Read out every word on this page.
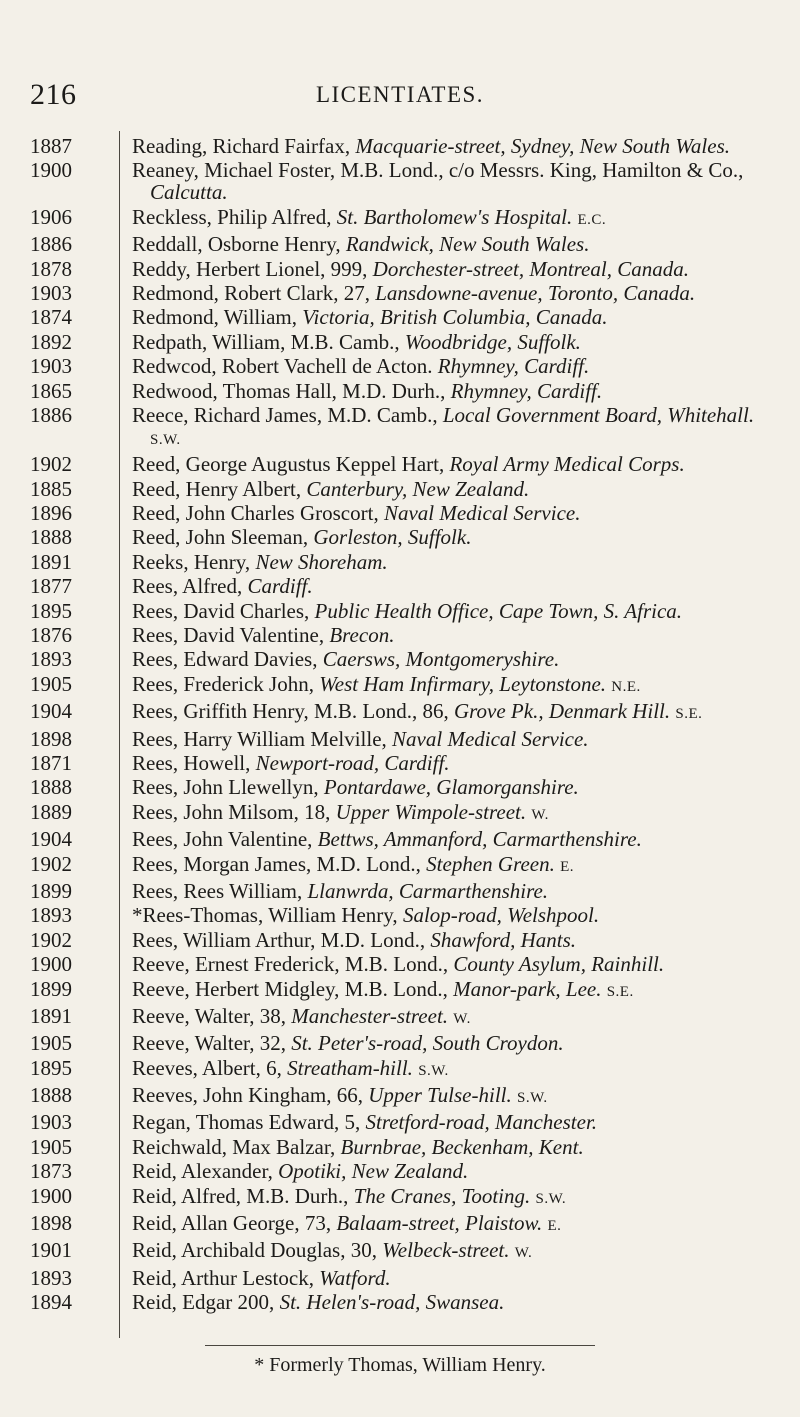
216	LICENTIATES.
1887	Reading, Richard Fairfax, Macquarie-street, Sydney, New South Wales.
1900	Reaney, Michael Foster, M.B. Lond., c/o Messrs. King, Hamilton & Co., Calcutta.
1906	Reckless, Philip Alfred, St. Bartholomew's Hospital. E.C.
1886	Reddall, Osborne Henry, Randwick, New South Wales.
1878	Reddy, Herbert Lionel, 999, Dorchester-street, Montreal, Canada.
1903	Redmond, Robert Clark, 27, Lansdowne-avenue, Toronto, Canada.
1874	Redmond, William, Victoria, British Columbia, Canada.
1892	Redpath, William, M.B. Camb., Woodbridge, Suffolk.
1903	Redwcod, Robert Vachell de Acton. Rhymney, Cardiff.
1865	Redwood, Thomas Hall, M.D. Durh., Rhymney, Cardiff.
1886	Reece, Richard James, M.D. Camb., Local Government Board, Whitehall. S.W.
1902	Reed, George Augustus Keppel Hart, Royal Army Medical Corps.
1885	Reed, Henry Albert, Canterbury, New Zealand.
1896	Reed, John Charles Groscort, Naval Medical Service.
1888	Reed, John Sleeman, Gorleston, Suffolk.
1891	Reeks, Henry, New Shoreham.
1877	Rees, Alfred, Cardiff.
1895	Rees, David Charles, Public Health Office, Cape Town, S. Africa.
1876	Rees, David Valentine, Brecon.
1893	Rees, Edward Davies, Caersws, Montgomeryshire.
1905	Rees, Frederick John, West Ham Infirmary, Leytonstone. N.E.
1904	Rees, Griffith Henry, M.B. Lond., 86, Grove Pk., Denmark Hill. S.E.
1898	Rees, Harry William Melville, Naval Medical Service.
1871	Rees, Howell, Newport-road, Cardiff.
1888	Rees, John Llewellyn, Pontardawe, Glamorganshire.
1889	Rees, John Milsom, 18, Upper Wimpole-street. W.
1904	Rees, John Valentine, Bettws, Ammanford, Carmarthenshire.
1902	Rees, Morgan James, M.D. Lond., Stephen Green. E.
1899	Rees, Rees William, Llanwrda, Carmarthenshire.
1893	*Rees-Thomas, William Henry, Salop-road, Welshpool.
1902	Rees, William Arthur, M.D. Lond., Shawford, Hants.
1900	Reeve, Ernest Frederick, M.B. Lond., County Asylum, Rainhill.
1899	Reeve, Herbert Midgley, M.B. Lond., Manor-park, Lee. S.E.
1891	Reeve, Walter, 38, Manchester-street. W.
1905	Reeve, Walter, 32, St. Peter's-road, South Croydon.
1895	Reeves, Albert, 6, Streatham-hill. S.W.
1888	Reeves, John Kingham, 66, Upper Tulse-hill. S.W.
1903	Regan, Thomas Edward, 5, Stretford-road, Manchester.
1905	Reichwald, Max Balzar, Burnbrae, Beckenham, Kent.
1873	Reid, Alexander, Opotiki, New Zealand.
1900	Reid, Alfred, M.B. Durh., The Cranes, Tooting. S.W.
1898	Reid, Allan George, 73, Balaam-street, Plaistow. E.
1901	Reid, Archibald Douglas, 30, Welbeck-street. W.
1893	Reid, Arthur Lestock, Watford.
1894	Reid, Edgar 200, St. Helen's-road, Swansea.
* Formerly Thomas, William Henry.
